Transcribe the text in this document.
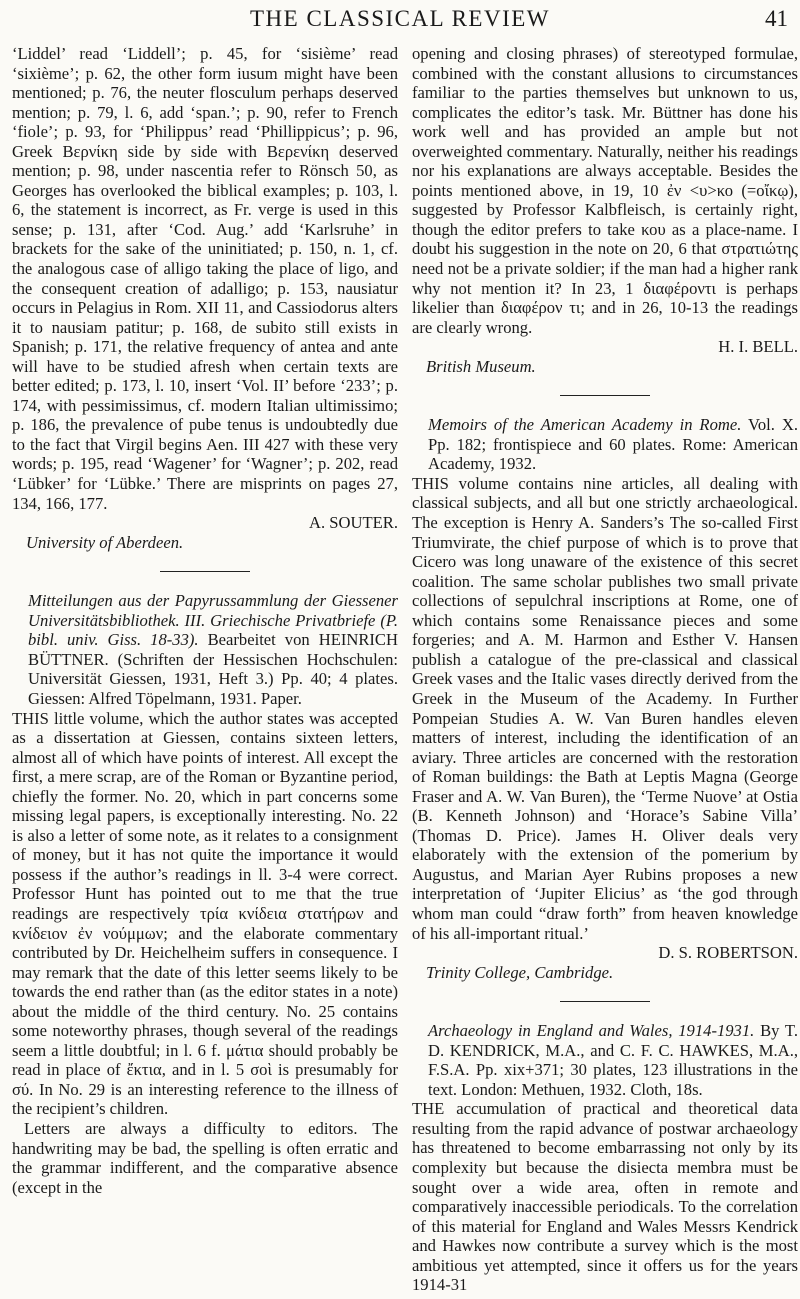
THE CLASSICAL REVIEW	41

‘Liddel’ read ‘Liddell’; p. 45, for ‘sisième’ read ‘sixième’; p. 62, the other form iusum might have been mentioned; p. 76, the neuter flosculum perhaps deserved mention; p. 79, l. 6, add ‘span.’; p. 90, refer to French ‘fiole’; p. 93, for ‘Philippus’ read ‘Phillippicus’; p. 96, Greek Βερνίκη side by side with Βερενίκη deserved mention; p. 98, under nascentia refer to Rönsch 50, as Georges has overlooked the biblical examples; p. 103, l. 6, the statement is incorrect, as Fr. verge is used in this sense; p. 131, after ‘Cod. Aug.’ add ‘Karlsruhe’ in brackets for the sake of the uninitiated; p. 150, n. 1, cf. the analogous case of alligo taking the place of ligo, and the consequent creation of adalligo; p. 153, nausiatur occurs in Pelagius in Rom. XII 11, and Cassiodorus alters it to nausiam patitur; p. 168, de subito still exists in Spanish; p. 171, the relative frequency of antea and ante will have to be studied afresh when certain texts are better edited; p. 173, l. 10, insert ‘Vol. II’ before ‘233’; p. 174, with pessimissimus, cf. modern Italian ultimissimo; p. 186, the prevalence of pube tenus is undoubtedly due to the fact that Virgil begins Aen. III 427 with these very words; p. 195, read ‘Wagener’ for ‘Wagner’; p. 202, read ‘Lübker’ for ‘Lübke.’ There are misprints on pages 27, 134, 166, 177.

A. SOUTER.

University of Aberdeen.

Mitteilungen aus der Papyrussammlung der Giessener Universitätsbibliothek. III. Griechische Privatbriefe (P. bibl. univ. Giss. 18-33). Bearbeitet von HEINRICH BÜTTNER. (Schriften der Hessischen Hochschulen: Universität Giessen, 1931, Heft 3.) Pp. 40; 4 plates. Giessen: Alfred Töpelmann, 1931. Paper.

THIS little volume, which the author states was accepted as a dissertation at Giessen, contains sixteen letters, almost all of which have points of interest. All except the first, a mere scrap, are of the Roman or Byzantine period, chiefly the former. No. 20, which in part concerns some missing legal papers, is exceptionally interesting. No. 22 is also a letter of some note, as it relates to a consignment of money, but it has not quite the importance it would possess if the author’s readings in ll. 3-4 were correct. Professor Hunt has pointed out to me that the true readings are respectively τρία κνίδεια στατήρων and κνίδειον ἐν νούμμων; and the elaborate commentary contributed by Dr. Heichelheim suffers in consequence. I may remark that the date of this letter seems likely to be towards the end rather than (as the editor states in a note) about the middle of the third century. No. 25 contains some noteworthy phrases, though several of the readings seem a little doubtful; in l. 6 f. μάτια should probably be read in place of ἔκτια, and in l. 5 σοὶ is presumably for σύ. In No. 29 is an interesting reference to the illness of the recipient’s children.

Letters are always a difficulty to editors. The handwriting may be bad, the spelling is often erratic and the grammar indifferent, and the comparative absence (except in the

opening and closing phrases) of stereotyped formulae, combined with the constant allusions to circumstances familiar to the parties themselves but unknown to us, complicates the editor’s task. Mr. Büttner has done his work well and has provided an ample but not overweighted commentary. Naturally, neither his readings nor his explanations are always acceptable. Besides the points mentioned above, in 19, 10 ἐν <υ>κο (=οἴκῳ), suggested by Professor Kalbfleisch, is certainly right, though the editor prefers to take κου as a place-name. I doubt his suggestion in the note on 20, 6 that στρατιώτης need not be a private soldier; if the man had a higher rank why not mention it? In 23, 1 διαφέροντι is perhaps likelier than διαφέρον τι; and in 26, 10-13 the readings are clearly wrong.

H. I. BELL.

British Museum.

Memoirs of the American Academy in Rome. Vol. X. Pp. 182; frontispiece and 60 plates. Rome: American Academy, 1932.

THIS volume contains nine articles, all dealing with classical subjects, and all but one strictly archaeological. The exception is Henry A. Sanders’s The so-called First Triumvirate, the chief purpose of which is to prove that Cicero was long unaware of the existence of this secret coalition. The same scholar publishes two small private collections of sepulchral inscriptions at Rome, one of which contains some Renaissance pieces and some forgeries; and A. M. Harmon and Esther V. Hansen publish a catalogue of the pre-classical and classical Greek vases and the Italic vases directly derived from the Greek in the Museum of the Academy. In Further Pompeian Studies A. W. Van Buren handles eleven matters of interest, including the identification of an aviary. Three articles are concerned with the restoration of Roman buildings: the Bath at Leptis Magna (George Fraser and A. W. Van Buren), the ‘Terme Nuove’ at Ostia (B. Kenneth Johnson) and ‘Horace’s Sabine Villa’ (Thomas D. Price). James H. Oliver deals very elaborately with the extension of the pomerium by Augustus, and Marian Ayer Rubins proposes a new interpretation of ‘Jupiter Elicius’ as ‘the god through whom man could “draw forth” from heaven knowledge of his all-important ritual.’

D. S. ROBERTSON.

Trinity College, Cambridge.

Archaeology in England and Wales, 1914-1931. By T. D. KENDRICK, M.A., and C. F. C. HAWKES, M.A., F.S.A. Pp. xix+371; 30 plates, 123 illustrations in the text. London: Methuen, 1932. Cloth, 18s.

THE accumulation of practical and theoretical data resulting from the rapid advance of postwar archaeology has threatened to become embarrassing not only by its complexity but because the disiecta membra must be sought over a wide area, often in remote and comparatively inaccessible periodicals. To the correlation of this material for England and Wales Messrs Kendrick and Hawkes now contribute a survey which is the most ambitious yet attempted, since it offers us for the years 1914-31
